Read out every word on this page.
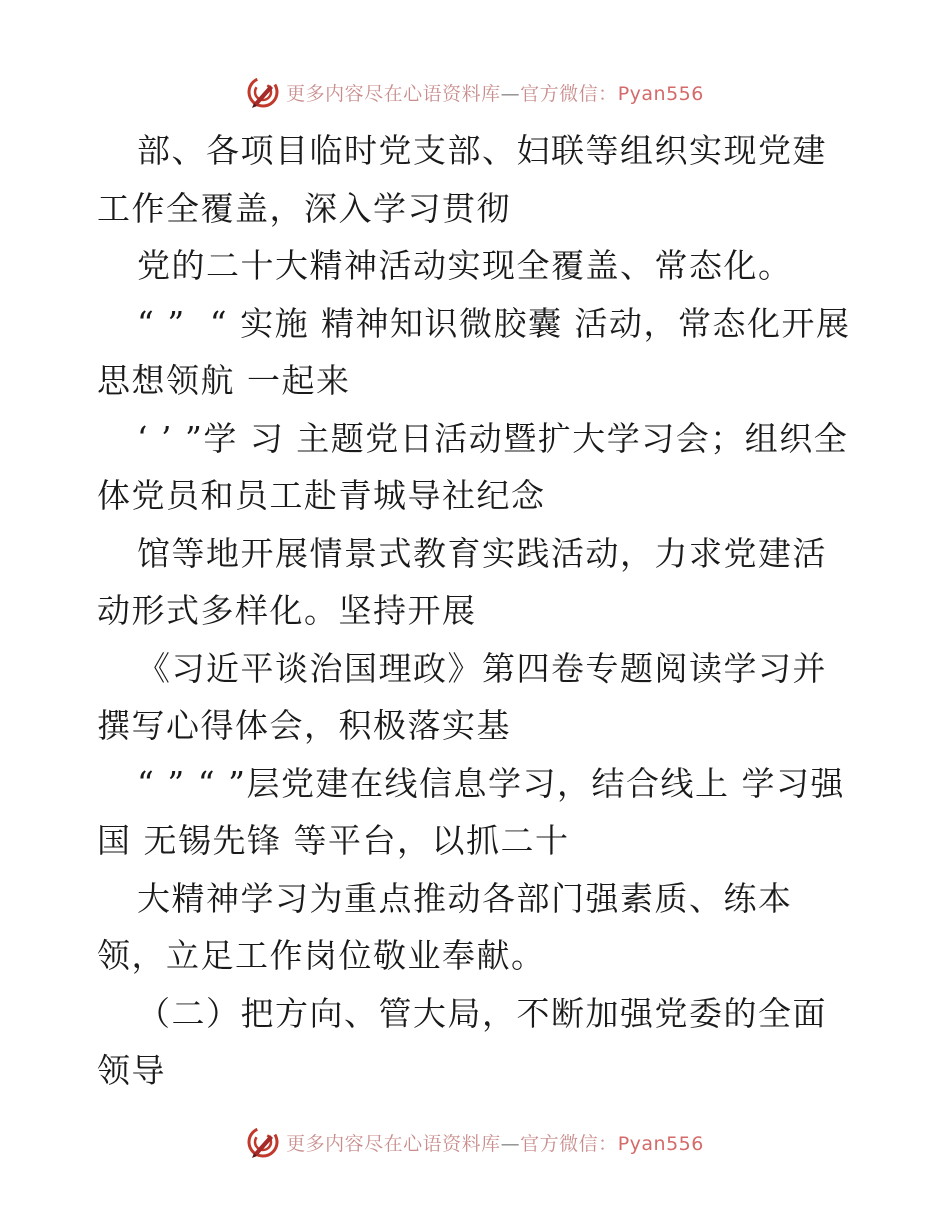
更多内容尽在心语资料库—官方微信：Pyan556

部、各项目临时党支部、妇联等组织实现党建工作全覆盖，深入学习贯彻

党的二十大精神活动实现全覆盖、常态化。

“ ”  “ 实施 精神知识微胶囊 活动，常态化开展 思想领航 一起来

‘ ’ ”学 习 主题党日活动暨扩大学习会；组织全体党员和员工赴青城导社纪念

馆等地开展情景式教育实践活动，力求党建活动形式多样化。坚持开展

《习近平谈治国理政》第四卷专题阅读学习并撰写心得体会，积极落实基

“ ” “ ”层党建在线信息学习，结合线上 学习强国 无锡先锋 等平台，以抓二十

大精神学习为重点推动各部门强素质、练本领，立足工作岗位敬业奉献。

（二）把方向、管大局，不断加强党委的全面领导

更多内容尽在心语资料库—官方微信：Pyan556
